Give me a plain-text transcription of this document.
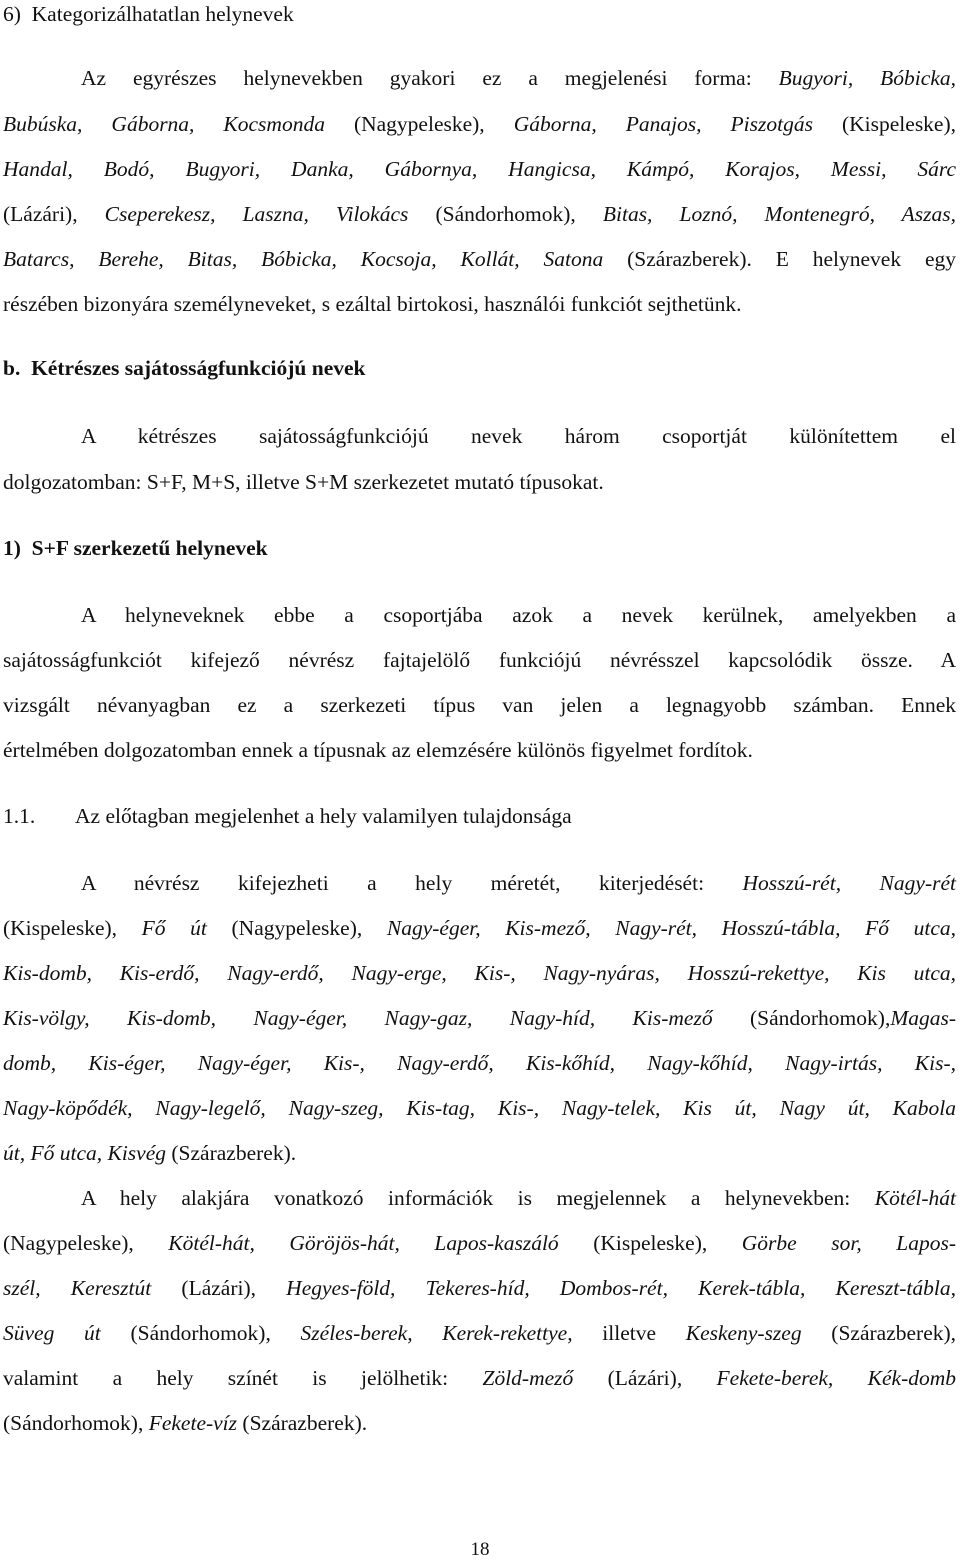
6)  Kategorizálhatatlan helynevek
Az egyrészes helynevekben gyakori ez a megjelenési forma: Bugyori, Bóbicka,
Bubúska, Gáborna, Kocsmonda (Nagypeleske), Gáborna, Panajos, Piszotgás (Kispeleske),
Handal, Bodó, Bugyori, Danka, Gábornya, Hangicsa, Kámpó, Korajos, Messi, Sárc
(Lázári), Cseperekesz, Laszna, Vilokács (Sándorhomok), Bitas, Loznó, Montenegró, Aszas,
Batarcs, Berehe, Bitas, Bóbicka, Kocsoja, Kollát, Satona (Szárazberek). E helynevek egy
részében bizonyára személyneveket, s ezáltal birtokosi, használói funkciót sejthetünk.
b.  Kétrészes sajátosságfunkciójú nevek
A kétrészes sajátosságfunkciójú nevek három csoportját különítettem el
dolgozatomban: S+F, M+S, illetve S+M szerkezetet mutató típusokat.
1)  S+F szerkezetű helynevek
A helyneveknek ebbe a csoportjába azok a nevek kerülnek, amelyekben a
sajátosságfunkciót kifejező névrész fajtajelölő funkciójú névrésszel kapcsolódik össze. A
vizsgált névanyagban ez a szerkezeti típus van jelen a legnagyobb számban. Ennek
értelmében dolgozatomban ennek a típusnak az elemzésére különös figyelmet fordítok.
1.1. Az előtagban megjelenhet a hely valamilyen tulajdonsága
A névrész kifejezheti a hely méretét, kiterjedését: Hosszú-rét, Nagy-rét
(Kispeleske), Fő út (Nagypeleske), Nagy-éger, Kis-mező, Nagy-rét, Hosszú-tábla, Fő utca,
Kis-domb, Kis-erdő, Nagy-erdő, Nagy-erge, Kis-, Nagy-nyáras, Hosszú-rekettye, Kis utca,
Kis-völgy, Kis-domb, Nagy-éger, Nagy-gaz, Nagy-híd, Kis-mező (Sándorhomok),Magas-
domb, Kis-éger, Nagy-éger, Kis-, Nagy-erdő, Kis-kőhíd, Nagy-kőhíd, Nagy-irtás, Kis-,
Nagy-köpődék, Nagy-legelő, Nagy-szeg, Kis-tag, Kis-, Nagy-telek, Kis út, Nagy út, Kabola
út, Fő utca, Kisvég (Szárazberek).
A hely alakjára vonatkozó információk is megjelennek a helynevekben: Kötél-hát
(Nagypeleske), Kötél-hát, Göröjös-hát, Lapos-kaszáló (Kispeleske), Görbe sor, Lapos-
szél, Keresztút (Lázári), Hegyes-föld, Tekeres-híd, Dombos-rét, Kerek-tábla, Kereszt-tábla,
Süveg út (Sándorhomok), Széles-berek, Kerek-rekettye, illetve Keskeny-szeg (Szárazberek),
valamint a hely színét is jelölhetik: Zöld-mező (Lázári), Fekete-berek, Kék-domb
(Sándorhomok), Fekete-víz (Szárazberek).
18
